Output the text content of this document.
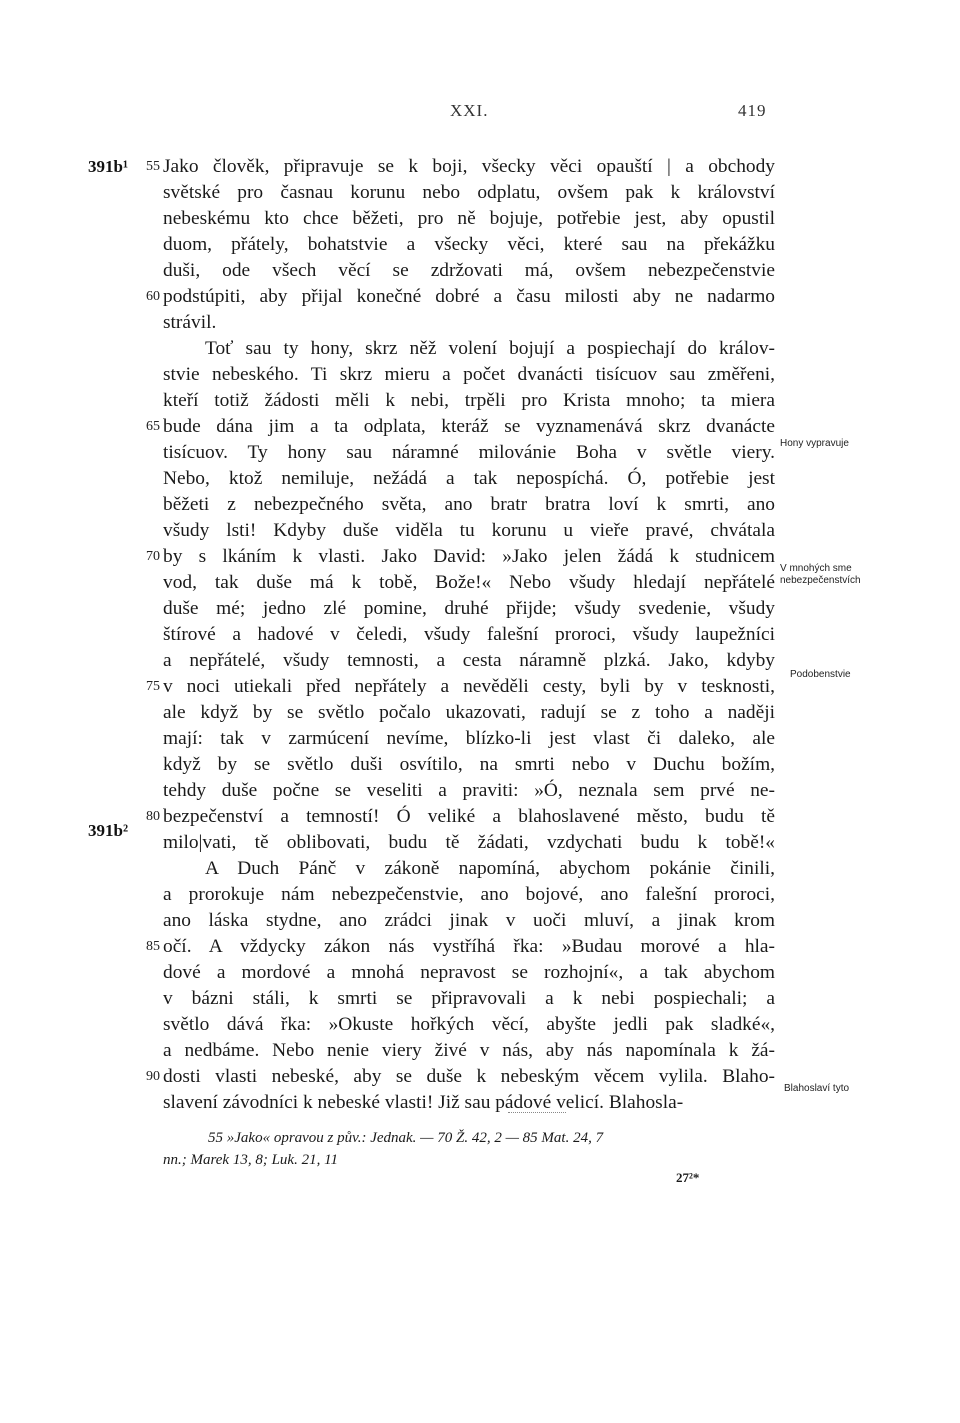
XXI.	419
391b¹
391b²
55 Jako člověk, připravuje se k boji, všecky věci opauští | a obchody
světské pro časnau korunu nebo odplatu, ovšem pak k království
nebeskému kto chce běžeti, pro ně bojuje, potřebie jest, aby opustil
duom, přátely, bohatstvie a všecky věci, které sau na překážku
duši, ode všech věcí se zdržovati má, ovšem nebezpečenstvie
60 podstúpiti, aby přijal konečné dobré a času milosti aby ne nadarmo
strávil.
Toť sau ty hony, skrz něž volení bojují a pospiechají do králov-
stvie nebeského. Ti skrz mieru a počet dvanácti tisícuov sau změřeni,
kteří totiž žádosti měli k nebi, trpěli pro Krista mnoho; ta miera
65 bude dána jim a ta odplata, kteráž se vyznamenává skrz dvanácte
tisícuov. Ty hony sau náramné milovánie Boha v světle viery.
Nebo, ktož nemiluje, nežádá a tak nepospíchá. Ó, potřebie jest
běžeti z nebezpečného světa, ano bratr bratra loví k smrti, ano
všudy lsti! Kdyby duše viděla tu korunu u vieře pravé, chvátala
70 by s lkáním k vlasti. Jako David: »Jako jelen žádá k studnicem
vod, tak duše má k tobě, Bože!« Nebo všudy hledají nepřátelé
duše mé; jedno zlé pomine, druhé přijde; všudy svedenie, všudy
štírové a hadové v čeledi, všudy falešní proroci, všudy laupežníci
a nepřátelé, všudy temnosti, a cesta náramně plzká. Jako, kdyby
75 v noci utiekali před nepřátely a nevěděli cesty, byli by v tesknosti,
ale když by se světlo počalo ukazovati, radují se z toho a naději
mají: tak v zarmúcení nevíme, blízko-li jest vlast či daleko, ale
když by se světlo duši osvítilo, na smrti nebo v Duchu božím,
tehdy duše počne se veseliti a praviti: »Ó, neznala sem prvé ne-
80 bezpečenství a temností! Ó veliké a blahoslavené město, budu tě
milo|vati, tě oblibovati, budu tě žádati, vzdychati budu k tobě!«
A Duch Pánč v zákoně napomíná, abychom pokánie činili,
a prorokuje nám nebezpečenstvie, ano bojové, ano falešní proroci,
ano láska stydne, ano zrádci jinak v uoči mluví, a jinak krom
85 očí. A vždycky zákon nás vystříhá řka: »Budau morové a hla-
dové a mordové a mnohá nepravost se rozhojní«, a tak abychom
v bázni stáli, k smrti se připravovali a k nebi pospiechali; a
světlo dává řka: »Okuste hořkých věcí, abyšte jedli pak sladké«,
a nedbáme. Nebo nenie viery živé v nás, aby nás napomínala k žá-
90 dosti vlasti nebeské, aby se duše k nebeským věcem vylila. Blaho-
slavení závodníci k nebeské vlasti! Již sau pádové velicí. Blahosla-
Hony vypravuje
V mnohých sme
nebezpečenstvích
Podobenstvie
Blahoslaví tyto
55 »Jako« opravou z pův.: Jednak. — 70 Ž. 42, 2 — 85 Mat. 24, 7
nn.; Marek 13, 8; Luk. 21, 11
27²*
